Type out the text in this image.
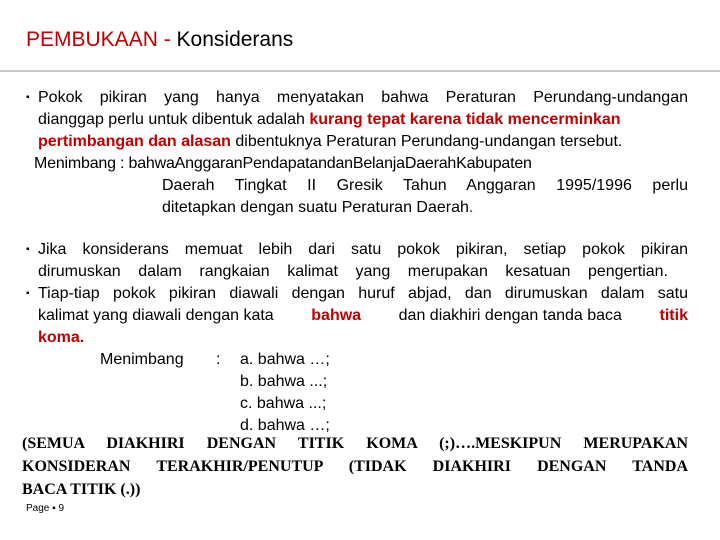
PEMBUKAAN - Konsiderans
▪ Pokok pikiran yang hanya menyatakan bahwa Peraturan Perundang-undangan
dianggap perlu untuk dibentuk adalah kurang tepat karena tidak mencerminkan
pertimbangan dan alasan dibentuknya Peraturan Perundang-undangan tersebut.
Menimbang : bahwaAnggaranPendapatandanBelanjaDaerahKabupaten
Daerah Tingkat II Gresik Tahun Anggaran 1995/1996 perlu
ditetapkan dengan suatu Peraturan Daerah.
▪ Jika konsiderans memuat lebih dari satu pokok pikiran, setiap pokok pikiran
dirumuskan dalam rangkaian kalimat yang merupakan kesatuan pengertian.
▪ Tiap-tiap pokok pikiran diawali dengan huruf abjad, dan dirumuskan dalam satu
kalimat yang diawali dengan kata bahwa dan diakhiri dengan tanda baca titik
koma.
Menimbang : a. bahwa …;
b. bahwa ...;
c. bahwa ...;
d. bahwa …;
(SEMUA DIAKHIRI DENGAN TITIK KOMA (;)….MESKIPUN MERUPAKAN
KONSIDERAN TERAKHIR/PENUTUP (TIDAK DIAKHIRI DENGAN TANDA
BACA TITIK (.))
Page ▪ 9
